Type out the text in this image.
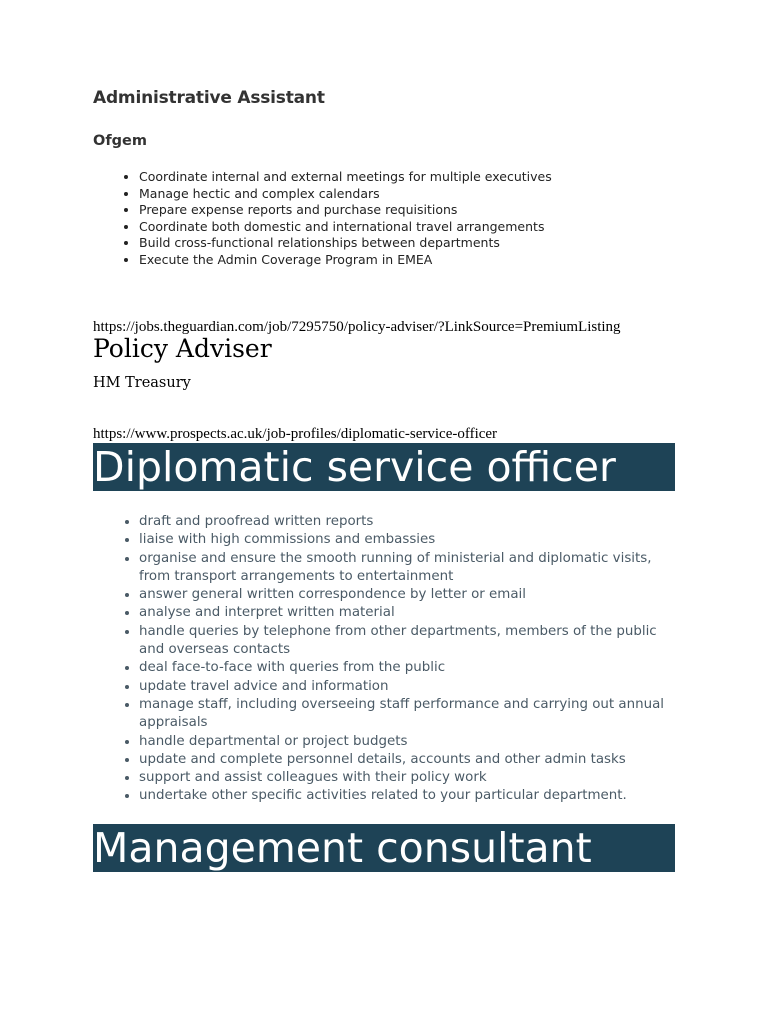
Administrative Assistant
Ofgem
• Coordinate internal and external meetings for multiple executives
• Manage hectic and complex calendars
• Prepare expense reports and purchase requisitions
• Coordinate both domestic and international travel arrangements
• Build cross-functional relationships between departments
• Execute the Admin Coverage Program in EMEA
https://jobs.theguardian.com/job/7295750/policy-adviser/?LinkSource=PremiumListing
Policy Adviser
HM Treasury
https://www.prospects.ac.uk/job-profiles/diplomatic-service-officer
Diplomatic service officer
• draft and proofread written reports
• liaise with high commissions and embassies
• organise and ensure the smooth running of ministerial and diplomatic visits, from transport arrangements to entertainment
• answer general written correspondence by letter or email
• analyse and interpret written material
• handle queries by telephone from other departments, members of the public and overseas contacts
• deal face-to-face with queries from the public
• update travel advice and information
• manage staff, including overseeing staff performance and carrying out annual appraisals
• handle departmental or project budgets
• update and complete personnel details, accounts and other admin tasks
• support and assist colleagues with their policy work
• undertake other specific activities related to your particular department.
Management consultant
